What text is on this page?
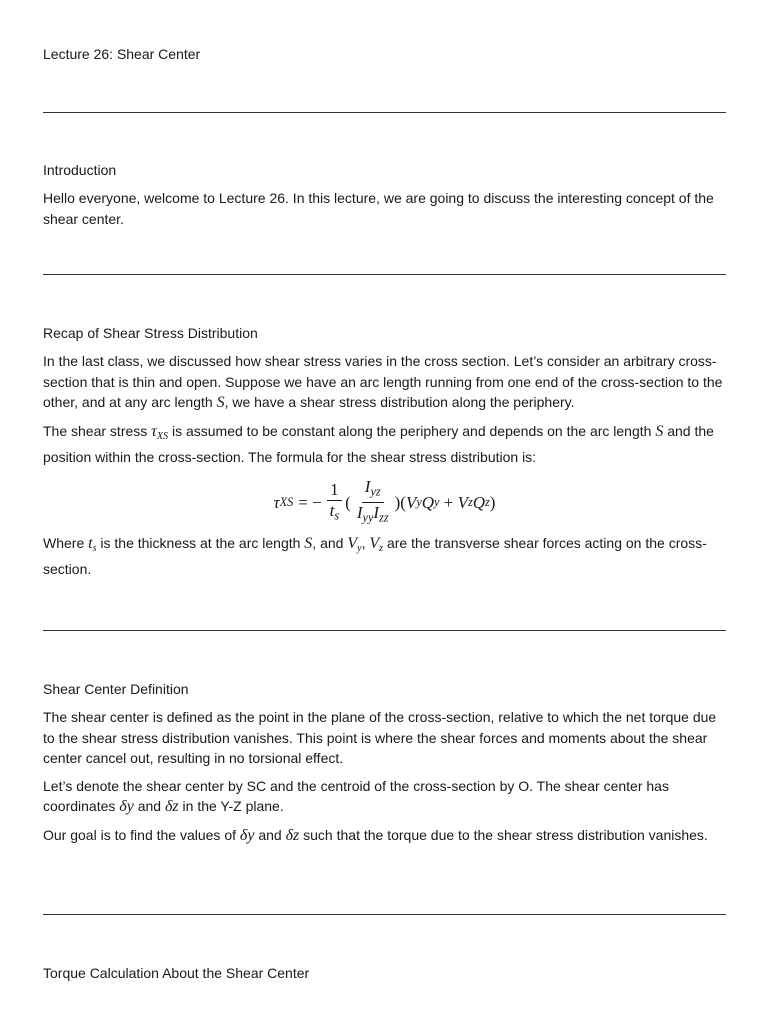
Lecture 26: Shear Center
Introduction

Hello everyone, welcome to Lecture 26. In this lecture, we are going to discuss the interesting concept of the shear center.

Recap of Shear Stress Distribution

In the last class, we discussed how shear stress varies in the cross section. Let’s consider an arbitrary cross-section that is thin and open. Suppose we have an arc length running from one end of the cross-section to the other, and at any arc length S, we have a shear stress distribution along the periphery.

The shear stress $\tau_{XS}$ is assumed to be constant along the periphery and depends on the arc length S and the position within the cross-section. The formula for the shear stress distribution is:

τ XS = − $\frac{1}{t_s}$ ( $\frac{I_{yz}}{I_{yy}I_{zz}}$ ) ( V y Q y + V z Q z )

Where $t_s$ is the thickness at the arc length S, and $V_y$, $V_z$ are the transverse shear forces acting on the cross-section.

Shear Center Definition

The shear center is defined as the point in the plane of the cross-section, relative to which the net torque due to the shear stress distribution vanishes. This point is where the shear forces and moments about the shear center cancel out, resulting in no torsional effect.

Let’s denote the shear center by SC and the centroid of the cross-section by O. The shear center has coordinates δy and δz in the Y-Z plane.

Our goal is to find the values of δy and δz such that the torque due to the shear stress distribution vanishes.

Torque Calculation About the Shear Center
